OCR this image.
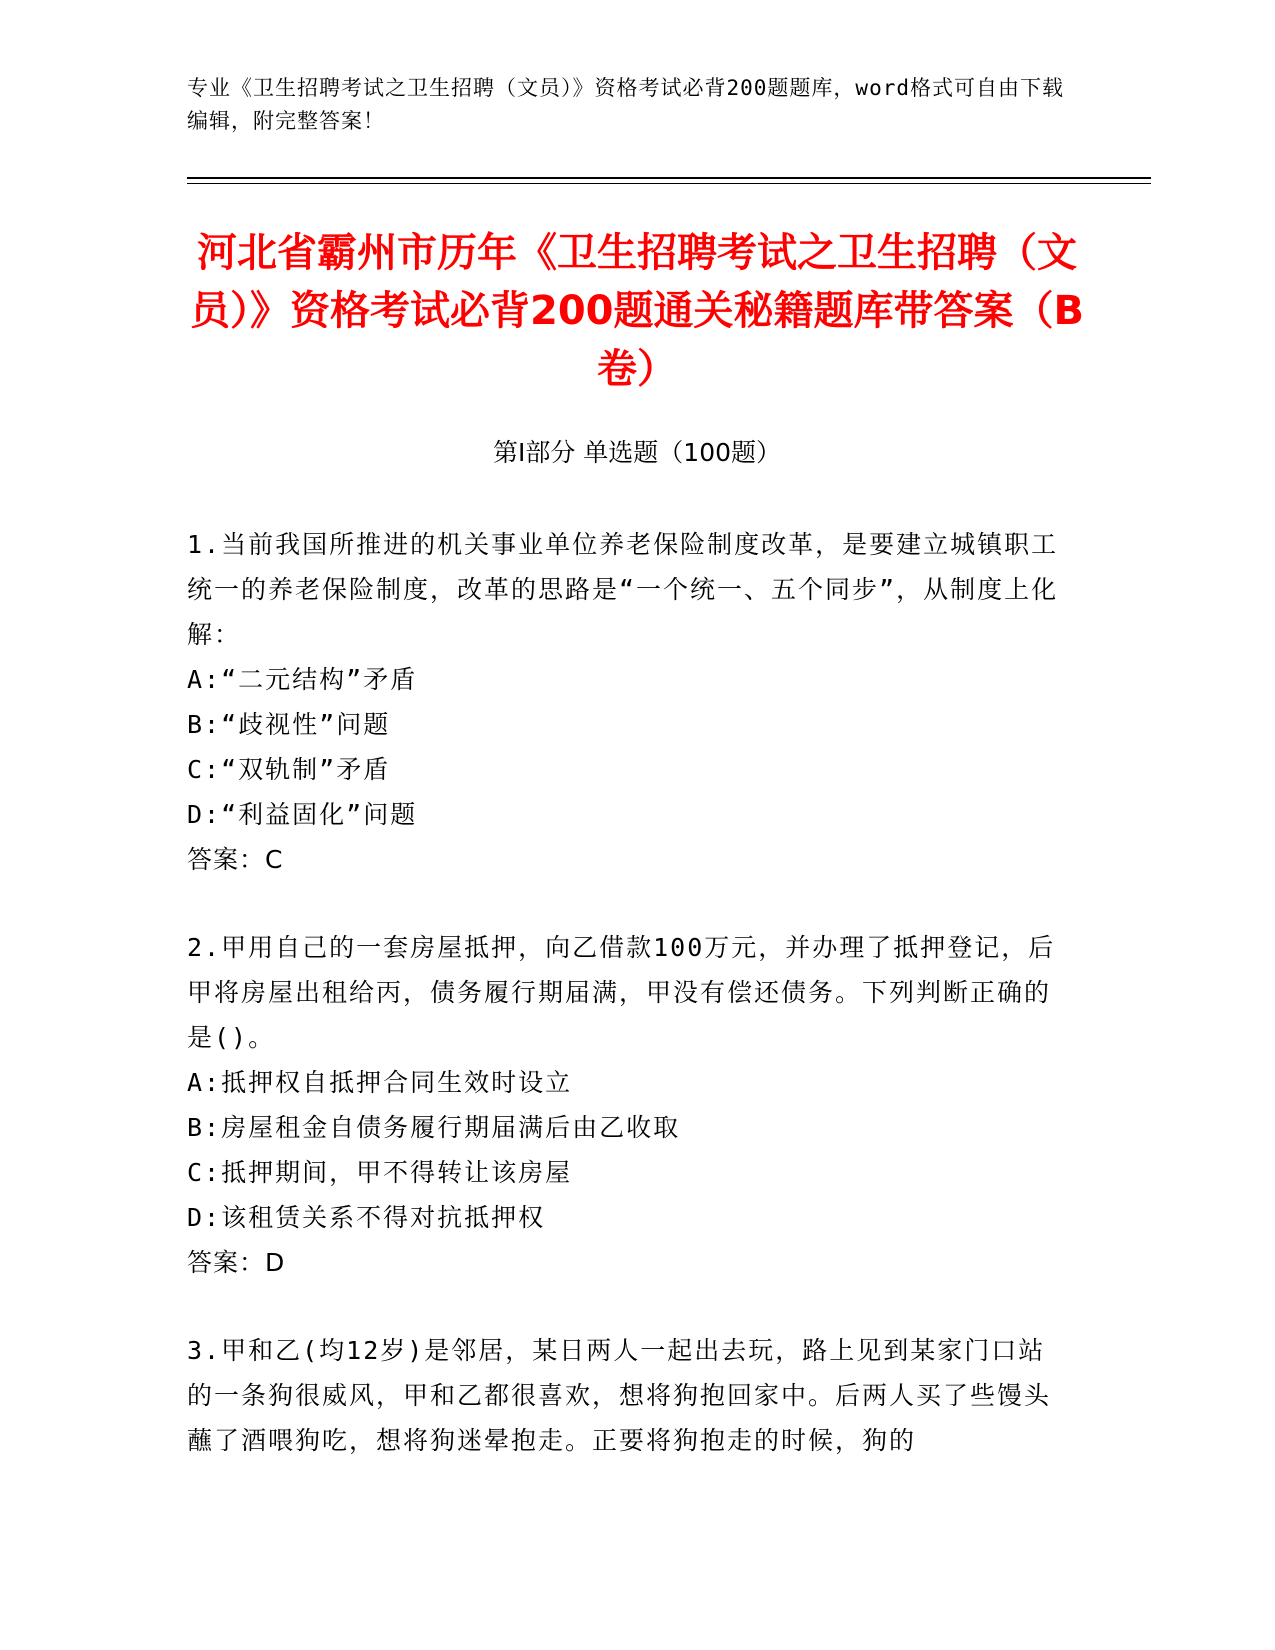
专业《卫生招聘考试之卫生招聘（文员）》资格考试必背200题题库，word格式可自由下载编辑，附完整答案！
河北省霸州市历年《卫生招聘考试之卫生招聘（文员）》资格考试必背200题通关秘籍题库带答案（B卷）
第Ⅰ部分 单选题（100题）
1.当前我国所推进的机关事业单位养老保险制度改革，是要建立城镇职工统一的养老保险制度，改革的思路是“一个统一、五个同步”，从制度上化解：
A:“二元结构”矛盾
B:“歧视性”问题
C:“双轨制”矛盾
D:“利益固化”问题
答案：C
2.甲用自己的一套房屋抵押，向乙借款100万元，并办理了抵押登记，后甲将房屋出租给丙，债务履行期届满，甲没有偿还债务。下列判断正确的是()。
A:抵押权自抵押合同生效时设立
B:房屋租金自债务履行期届满后由乙收取
C:抵押期间，甲不得转让该房屋
D:该租赁关系不得对抗抵押权
答案：D
3.甲和乙(均12岁)是邻居，某日两人一起出去玩，路上见到某家门口站的一条狗很威风，甲和乙都很喜欢，想将狗抱回家中。后两人买了些馒头蘸了酒喂狗吃，想将狗迷晕抱走。正要将狗抱走的时候，狗的
